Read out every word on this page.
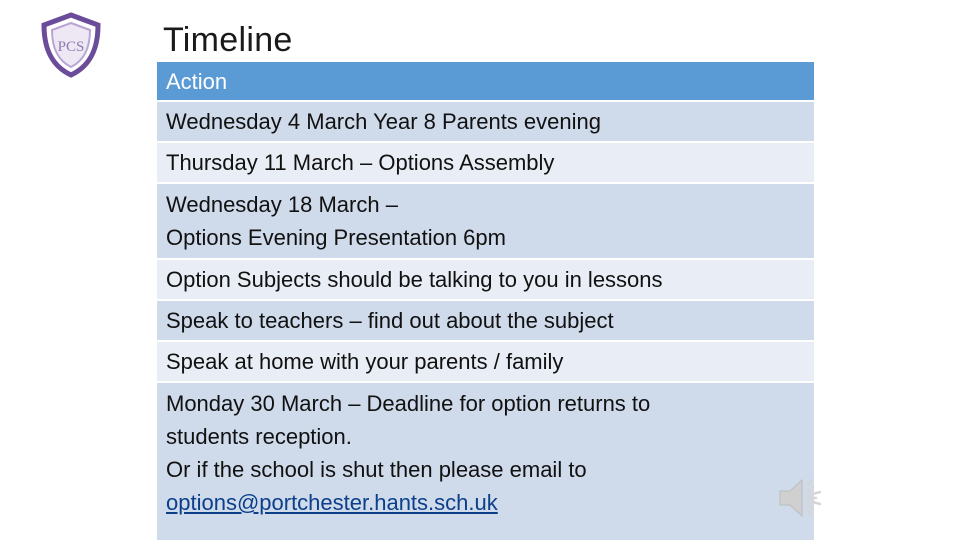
PCS Timeline
Action
Wednesday 4 March Year 8 Parents evening
Thursday 11 March – Options Assembly
Wednesday 18 March –
Options Evening Presentation 6pm
Option Subjects should be talking to you in lessons
Speak to teachers – find out about the subject
Speak at home with your parents / family
Monday 30 March – Deadline for option returns to
students reception.
Or if the school is shut then please email to
options@portchester.hants.sch.uk
